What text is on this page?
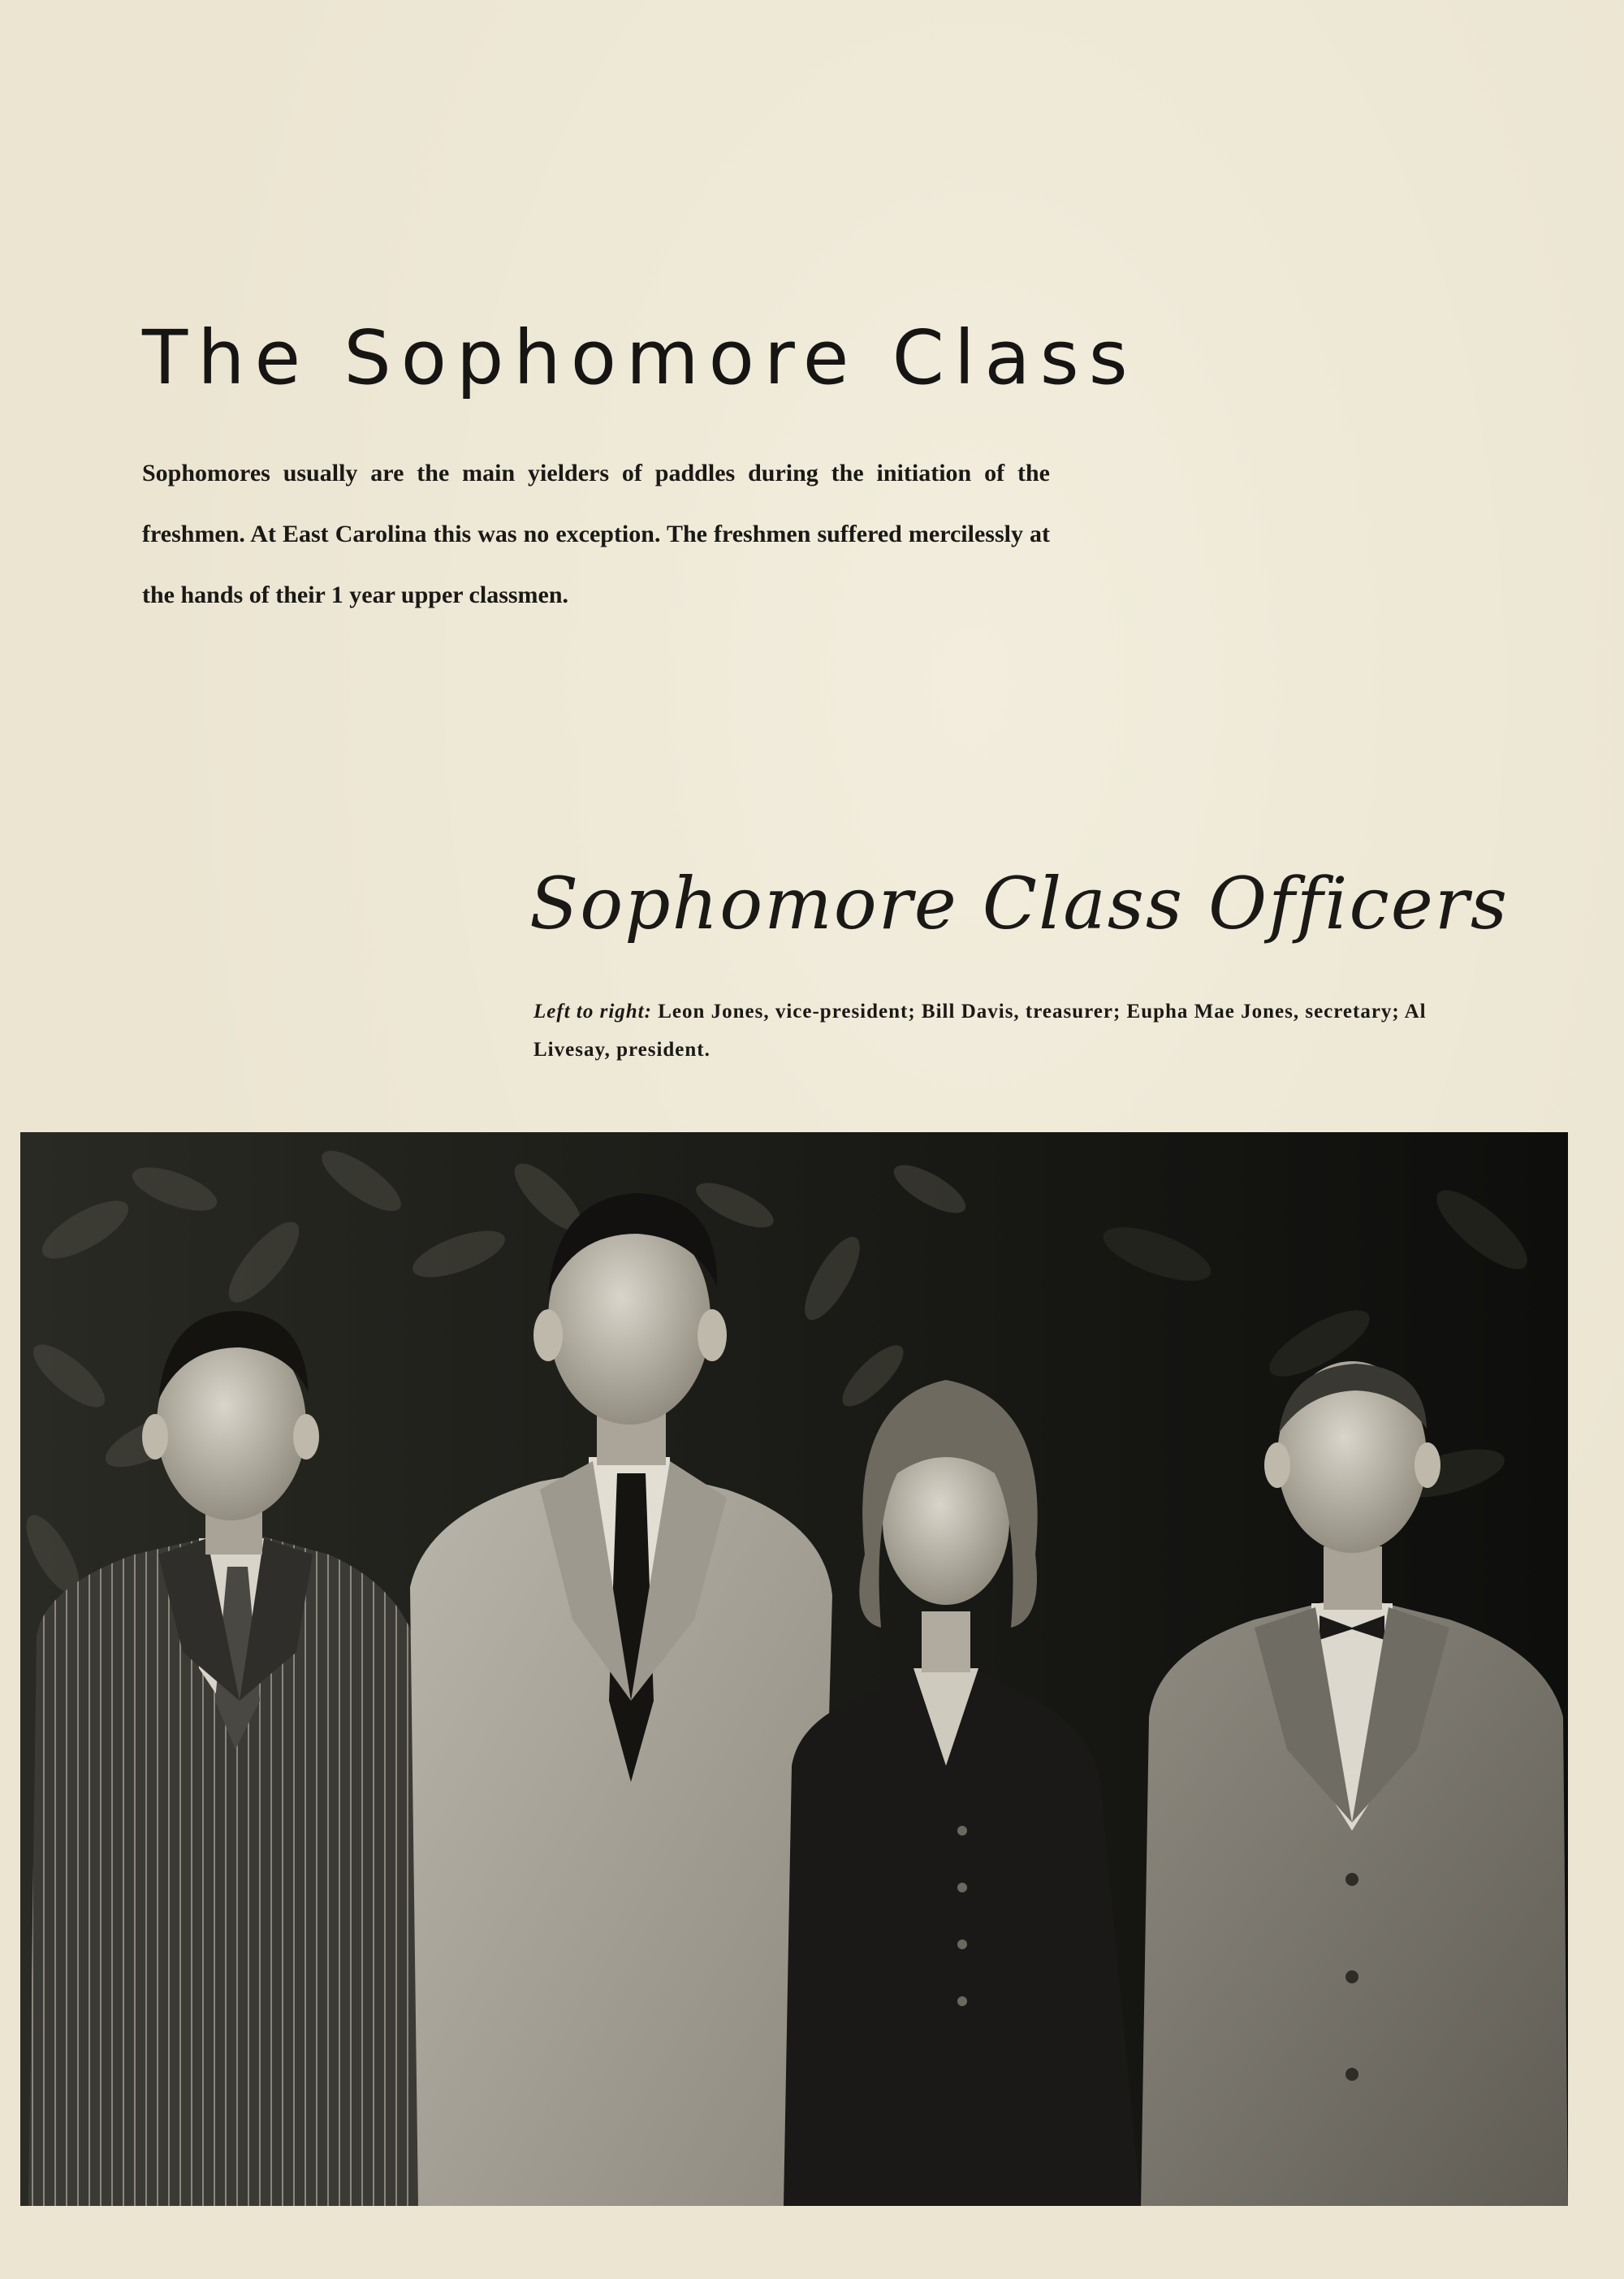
The Sophomore Class

Sophomores usually are the main yielders of paddles during the initiation of the freshmen. At East Carolina this was no exception. The freshmen suffered mercilessly at the hands of their 1 year upper classmen.

Sophomore Class Officers

Left to right: Leon Jones, vice-president; Bill Davis, treasurer; Eupha Mae Jones, secretary; Al Livesay, president.
